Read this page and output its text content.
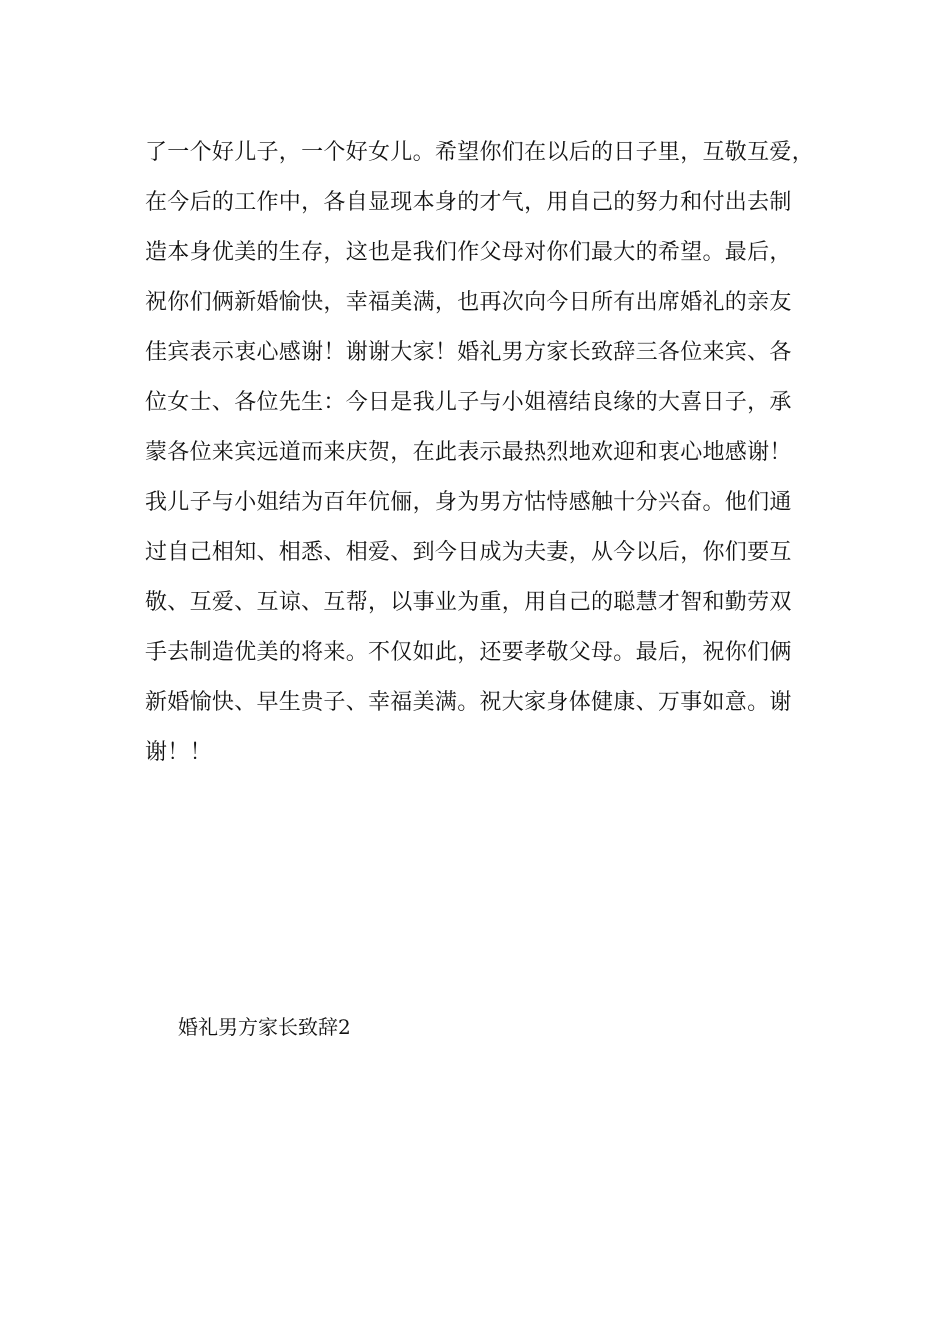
了一个好儿子，一个好女儿。希望你们在以后的日子里，互敬互爱，
在今后的工作中，各自显现本身的才气，用自己的努力和付出去制
造本身优美的生存，这也是我们作父母对你们最大的希望。最后，
祝你们俩新婚愉快，幸福美满，也再次向今日所有出席婚礼的亲友
佳宾表示衷心感谢！谢谢大家！婚礼男方家长致辞三各位来宾、各
位女士、各位先生：今日是我儿子与小姐禧结良缘的大喜日子，承
蒙各位来宾远道而来庆贺，在此表示最热烈地欢迎和衷心地感谢！
我儿子与小姐结为百年伉俪，身为男方怙恃感触十分兴奋。他们通
过自己相知、相悉、相爱、到今日成为夫妻，从今以后，你们要互
敬、互爱、互谅、互帮，以事业为重，用自己的聪慧才智和勤劳双
手去制造优美的将来。不仅如此，还要孝敬父母。最后，祝你们俩
新婚愉快、早生贵子、幸福美满。祝大家身体健康、万事如意。谢
谢！！

婚礼男方家长致辞2
